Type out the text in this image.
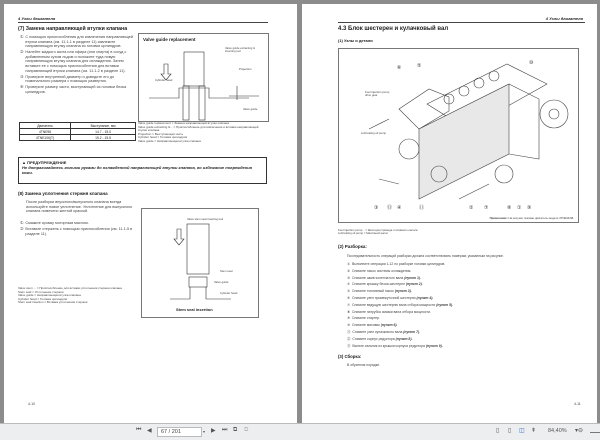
4 Узлы двигателя
(7) Замена направляющей втулки клапана
① С помощью приспособления для извлечения направляющей втулки клапана (см. 11.1-1 в разделе 11) извлеките направляющую втулку клапана из головки цилиндров.
② Налейте жидкого азота или эфира (или спирта) в сосуд с добавленным сухим льдом и положите туда новую направляющую втулку клапана для охлаждения. Затем вставьте ее с помощью приспособления для вставки направляющей втулки клапана (см. 11.1-2 в разделе 11).
③ Проверьте внутренний диаметр и доведите его до номинального размера с помощью развертки.
④ Проверьте размер части, выступающей из головки блока цилиндров.
Valve guide replacement
Valve guide extracting & inserting tool
Projection
Cylinder head
Valve guide
Двигатель	Выступание, мм
4TNE98	14.7 - 15.0
4TNE106(T)	15.2 - 15.5
Valve guide replacement = Замена направляющей втулки клапана
Valve guide extracting &... = Приспособление для извлечения и вставки направляющей втулки клапана
Projection = Выступающая часть
Cylinder head = Головка цилиндров
Valve guide = Направляющая втулка клапана
▲ ПРЕДУПРЕЖДЕНИЕ
Не дотрагивайтесь голыми руками до охлажденной направляющей втулки клапана, во избежание повреждения кожи.
(8) Замена уплотнения стержня клапана
После разборки впускного/выпускного клапана всегда используйте новое уплотнение. Уплотнение для выпускного клапана помечено желтой краской.
① Смажьте кромку моторным маслом.
② Вставьте стержень с помощью приспособления (см. 11.1-5 в разделе 11).
Valve stem seal inserting tool
Stem seal
Valve guide
Cylinder head
Stem seal insertion
Valve stem ... = Приспособление для вставки уплотнения стержня клапана
Stem seal = Уплотнение стержня
Valve guide = Направляющая втулка клапана
Cylinder head = Головка цилиндров
Stem seal insertion = Вставка уплотнения стержня
4-10
4 Узлы двигателя
4.3 Блок шестерен и кулачковый вал
(1) Узлы и детали
⑥	⑤	⑩
③ ⑬ ④	⑪	② ⑦	⑧ ① ⑨
Fuel injection pump drive gear
Lubricating oil pump
Примечание: На рисунке показан двигатель модели 4TNE94/98.
Fuel injection pump... = Шестерня привода топливного насоса
Lubricating oil pump = Масляный насос
(2) Разборка:
Последовательность операций разборки должна соответствовать номерам, указанным на рисунке.
① Выполните операции 1-12 по разборке головки цилиндров.
② Снимите насос системы охлаждения.
③ Снимите шкив коленчатого вала (пункт 1).
④ Снимите крышку блока шестерен (пункт 2).
⑤ Снимите топливный насос (пункт 3).
⑥ Снимите узел промежуточной шестерни (пункт 4).
⑦ Снимите ведущую шестерню вала отбора мощности (пункт 5).
⑧ Снимите патрубок смазки вала отбора мощности.
⑨ Снимите стартер.
⑩ Снимите маховик (пункт 6).
⑪ Снимите узел кулачкового вала (пункт 7).
⑫ Снимите корпус редуктора (пункт 8).
⑬ Выньте сальник из крышки корпуса редуктора (пункт 9).
(3) Сборка:
В обратном порядке.
4-11
⏮ ◀	67 / 201	▾ ▶ ⏭ ⧉ ⧉	▯ ▯ ◫ ⇞ 84,40% ▾⊖
